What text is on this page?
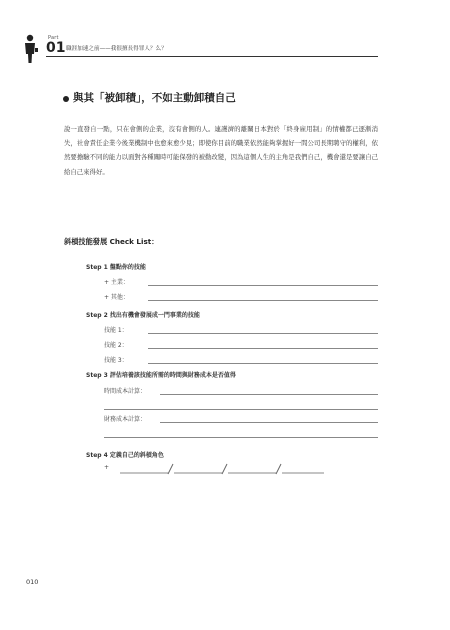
Part
01 職涯加速之前——我很擅長得罪人？么？
與其「被卸積」，不如主動卸積自己

說一直發自一點，只在會側的企業，沒有會側的人。連護濟的離關日本對於「終身雇用制」的情權都已逐漸消失，社會責任企業今後業機制中也愈來愈少見；即使你目前的職業依然能夠掌握好一間公司長期聘守的權利，依然要擔驗不同的能力以面對各種關時可能保發的被勤改變，因為這個人生的主角是我們自己，機會還是要讓自己給自己來得好。

斜槓技能發展 Check List：
Step 1 盤點你的技能
+ 主業：
+ 其他：
Step 2 找出有機會發展成一門事業的技能
技能 1：
技能 2：
技能 3：
Step 3 評估培養該技能所需的時間與財務成本是否值得
時間成本計算：
財務成本計算：
Step 4 定義自己的斜槓角色
+
010
